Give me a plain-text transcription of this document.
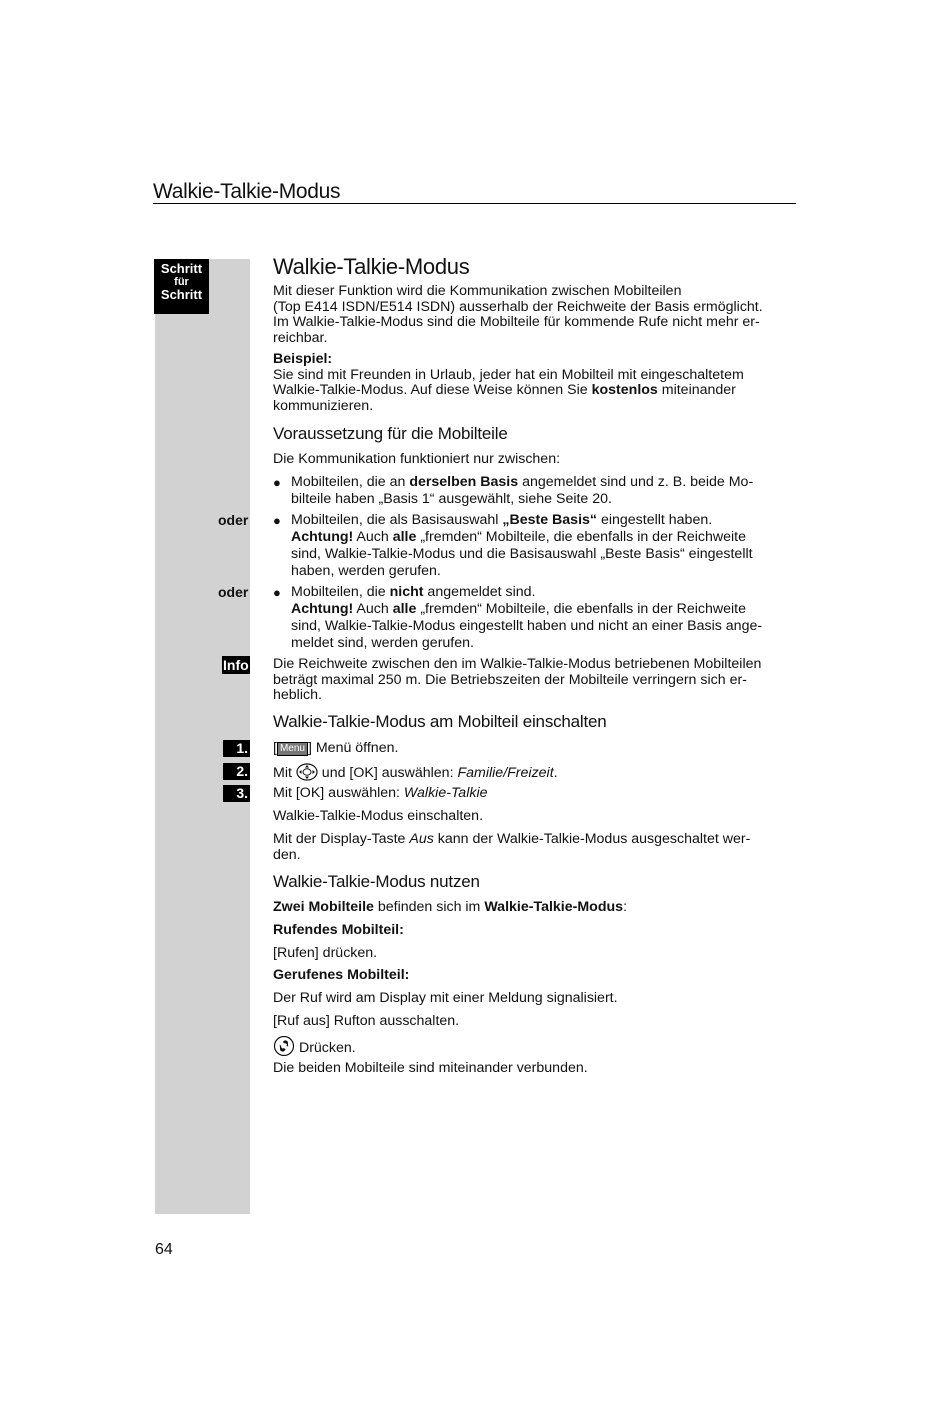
Walkie-Talkie-Modus
Schritt
für
Schritt
oder
oder
Info
1.
2.
3.
Walkie-Talkie-Modus
Mit dieser Funktion wird die Kommunikation zwischen Mobilteilen
(Top E414 ISDN/E514 ISDN) ausserhalb der Reichweite der Basis ermöglicht.
Im Walkie-Talkie-Modus sind die Mobilteile für kommende Rufe nicht mehr er-
reichbar.
Beispiel:
Sie sind mit Freunden in Urlaub, jeder hat ein Mobilteil mit eingeschaltetem
Walkie-Talkie-Modus. Auf diese Weise können Sie kostenlos miteinander
kommunizieren.
Voraussetzung für die Mobilteile
Die Kommunikation funktioniert nur zwischen:
● Mobilteilen, die an derselben Basis angemeldet sind und z. B. beide Mo-
bilteile haben „Basis 1“ ausgewählt, siehe Seite 20.
● Mobilteilen, die als Basisauswahl „Beste Basis“ eingestellt haben.
Achtung! Auch alle „fremden“ Mobilteile, die ebenfalls in der Reichweite
sind, Walkie-Talkie-Modus und die Basisauswahl „Beste Basis“ eingestellt
haben, werden gerufen.
● Mobilteilen, die nicht angemeldet sind.
Achtung! Auch alle „fremden“ Mobilteile, die ebenfalls in der Reichweite
sind, Walkie-Talkie-Modus eingestellt haben und nicht an einer Basis ange-
meldet sind, werden gerufen.
Die Reichweite zwischen den im Walkie-Talkie-Modus betriebenen Mobilteilen
beträgt maximal 250 m. Die Betriebszeiten der Mobilteile verringern sich er-
heblich.
Walkie-Talkie-Modus am Mobilteil einschalten
[ Menu ] Menü öffnen.
Mit  und [OK] auswählen: Familie/Freizeit.
Mit [OK] auswählen: Walkie-Talkie
Walkie-Talkie-Modus einschalten.
Mit der Display-Taste Aus kann der Walkie-Talkie-Modus ausgeschaltet wer-
den.
Walkie-Talkie-Modus nutzen
Zwei Mobilteile befinden sich im Walkie-Talkie-Modus:
Rufendes Mobilteil:
[Rufen] drücken.
Gerufenes Mobilteil:
Der Ruf wird am Display mit einer Meldung signalisiert.
[Ruf aus] Rufton ausschalten.
Drücken.
Die beiden Mobilteile sind miteinander verbunden.
64
